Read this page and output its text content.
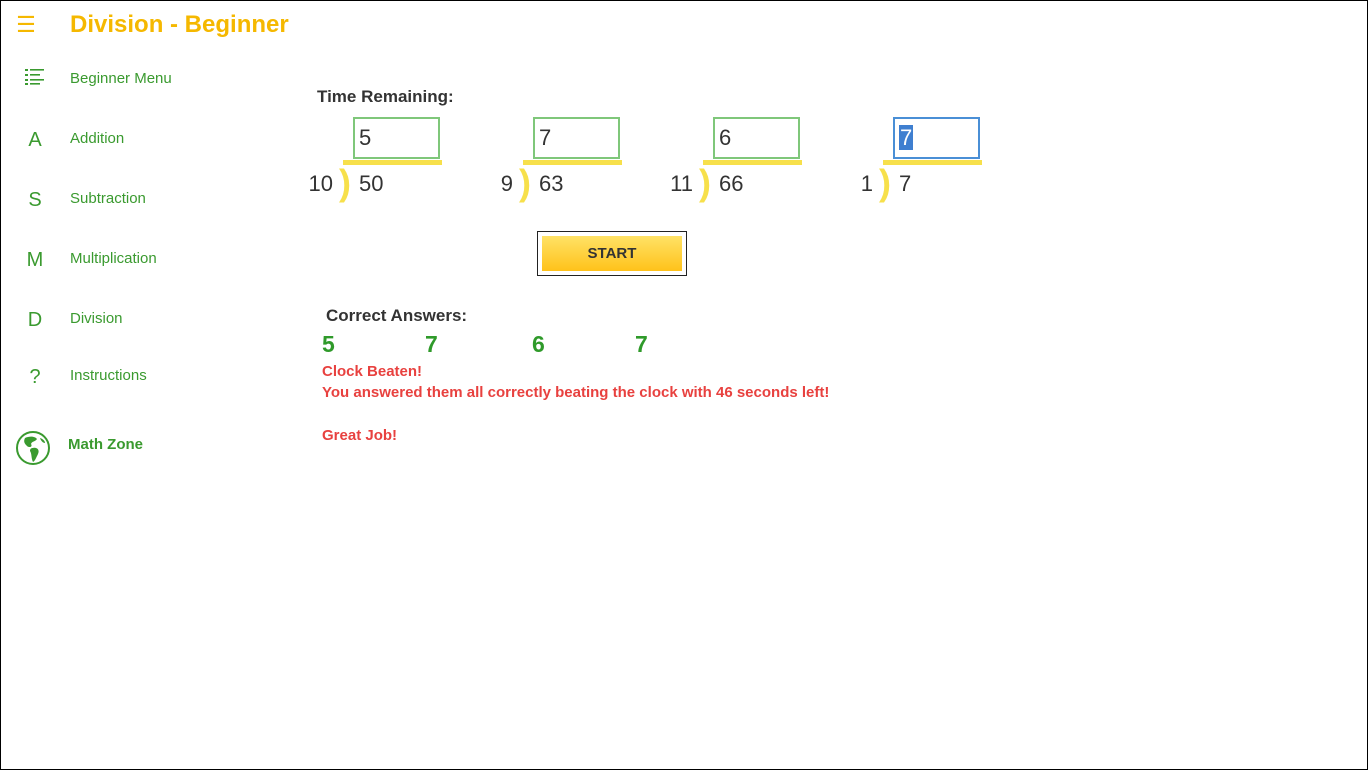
☰ Division - Beginner
Beginner Menu
A	Addition
S	Subtraction
M Multiplication
D	Division
?	Instructions
Math Zone
Time Remaining:
5
10 ) 50
7
9 ) 63
6
11 ) 66
7
1 ) 7
START
Correct Answers:
5	7	6	7
Clock Beaten!
You answered them all correctly beating the clock with 46 seconds left!
Great Job!
